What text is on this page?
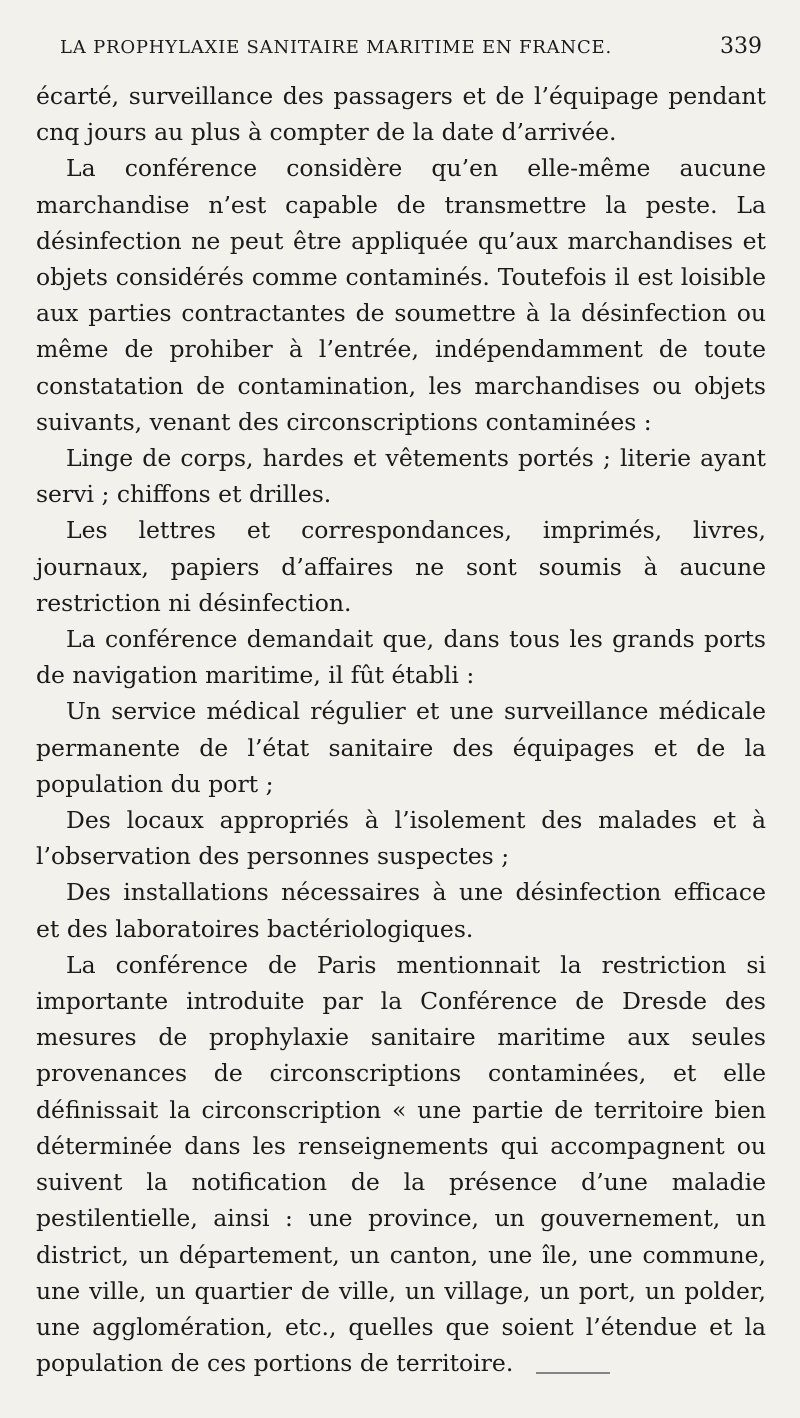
LA PROPHYLAXIE SANITAIRE MARITIME EN FRANCE.	339

écarté, surveillance des passagers et de l’équipage pendant cnq jours au plus à compter de la date d’arrivée.

La conférence considère qu’en elle-même aucune marchandise n’est capable de transmettre la peste. La désinfection ne peut être appliquée qu’aux marchandises et objets considérés comme contaminés. Toutefois il est loisible aux parties contractantes de soumettre à la désinfection ou même de prohiber à l’entrée, indépendamment de toute constatation de contamination, les marchandises ou objets suivants, venant des circonscriptions contaminées :

Linge de corps, hardes et vêtements portés ; literie ayant servi ; chiffons et drilles.

Les lettres et correspondances, imprimés, livres, journaux, papiers d’affaires ne sont soumis à aucune restriction ni désinfection.

La conférence demandait que, dans tous les grands ports de navigation maritime, il fût établi :

Un service médical régulier et une surveillance médicale permanente de l’état sanitaire des équipages et de la population du port ;

Des locaux appropriés à l’isolement des malades et à l’observation des personnes suspectes ;

Des installations nécessaires à une désinfection efficace et des laboratoires bactériologiques.

La conférence de Paris mentionnait la restriction si importante introduite par la Conférence de Dresde des mesures de prophylaxie sanitaire maritime aux seules provenances de circonscriptions contaminées, et elle définissait la circonscription « une partie de territoire bien déterminée dans les renseignements qui accompagnent ou suivent la notification de la présence d’une maladie pestilentielle, ainsi : une province, un gouvernement, un district, un département, un canton, une île, une commune, une ville, un quartier de ville, un village, un port, un polder, une agglomération, etc., quelles que soient l’étendue et la population de ces portions de territoire.
